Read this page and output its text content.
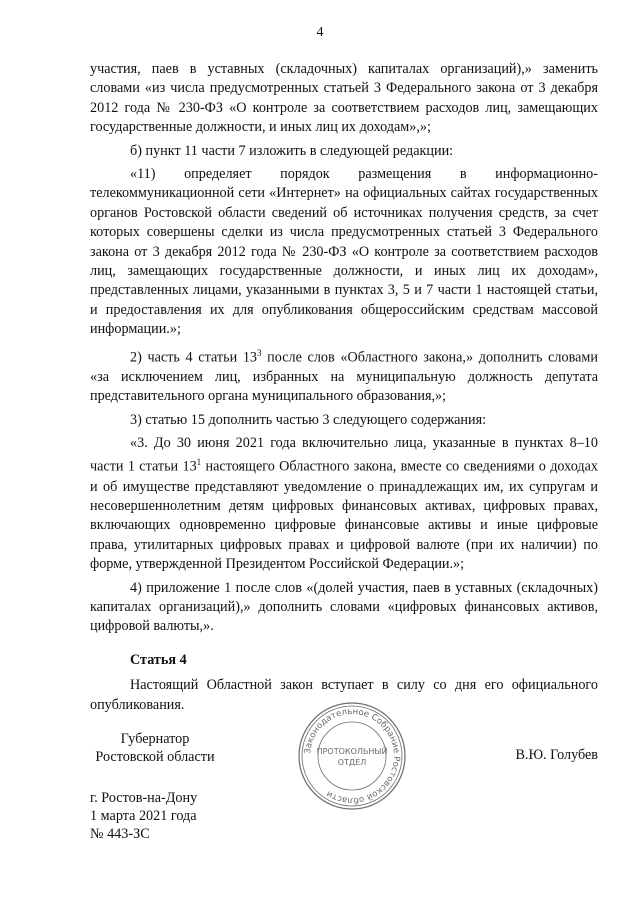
4

участия, паев в уставных (складочных) капиталах организаций),» заменить словами «из числа предусмотренных статьей 3 Федерального закона от 3 декабря 2012 года № 230-ФЗ «О контроле за соответствием расходов лиц, замещающих государственные должности, и иных лиц их доходам»,»;

б) пункт 11 части 7 изложить в следующей редакции:

«11) определяет порядок размещения в информационно-телекоммуникационной сети «Интернет» на официальных сайтах государственных органов Ростовской области сведений об источниках получения средств, за счет которых совершены сделки из числа предусмотренных статьей 3 Федерального закона от 3 декабря 2012 года № 230-ФЗ «О контроле за соответствием расходов лиц, замещающих государственные должности, и иных лиц их доходам», представленных лицами, указанными в пунктах 3, 5 и 7 части 1 настоящей статьи, и предоставления их для опубликования общероссийским средствам массовой информации.»;

2) часть 4 статьи $13^3$ после слов «Областного закона,» дополнить словами «за исключением лиц, избранных на муниципальную должность депутата представительного органа муниципального образования,»;

3) статью 15 дополнить частью 3 следующего содержания:

«3. До 30 июня 2021 года включительно лица, указанные в пунктах 8–10 части 1 статьи $13^1$ настоящего Областного закона, вместе со сведениями о доходах и об имуществе представляют уведомление о принадлежащих им, их супругам и несовершеннолетним детям цифровых финансовых активах, цифровых правах, включающих одновременно цифровые финансовые активы и иные цифровые права, утилитарных цифровых правах и цифровой валюте (при их наличии) по форме, утвержденной Президентом Российской Федерации.»;

4) приложение 1 после слов «(долей участия, паев в уставных (складочных) капиталах организаций),» дополнить словами «цифровых финансовых активов, цифровой валюты,».

Статья 4

Настоящий Областной закон вступает в силу со дня его официального опубликования.

Губернатор
Ростовской области	В.Ю. Голубев
г. Ростов-на-Дону
1 марта 2021 года
№ 443-ЗС
Законодательное Собрание Ростовской области
ПРОТОКОЛЬНЫЙ
ОТДЕЛ
